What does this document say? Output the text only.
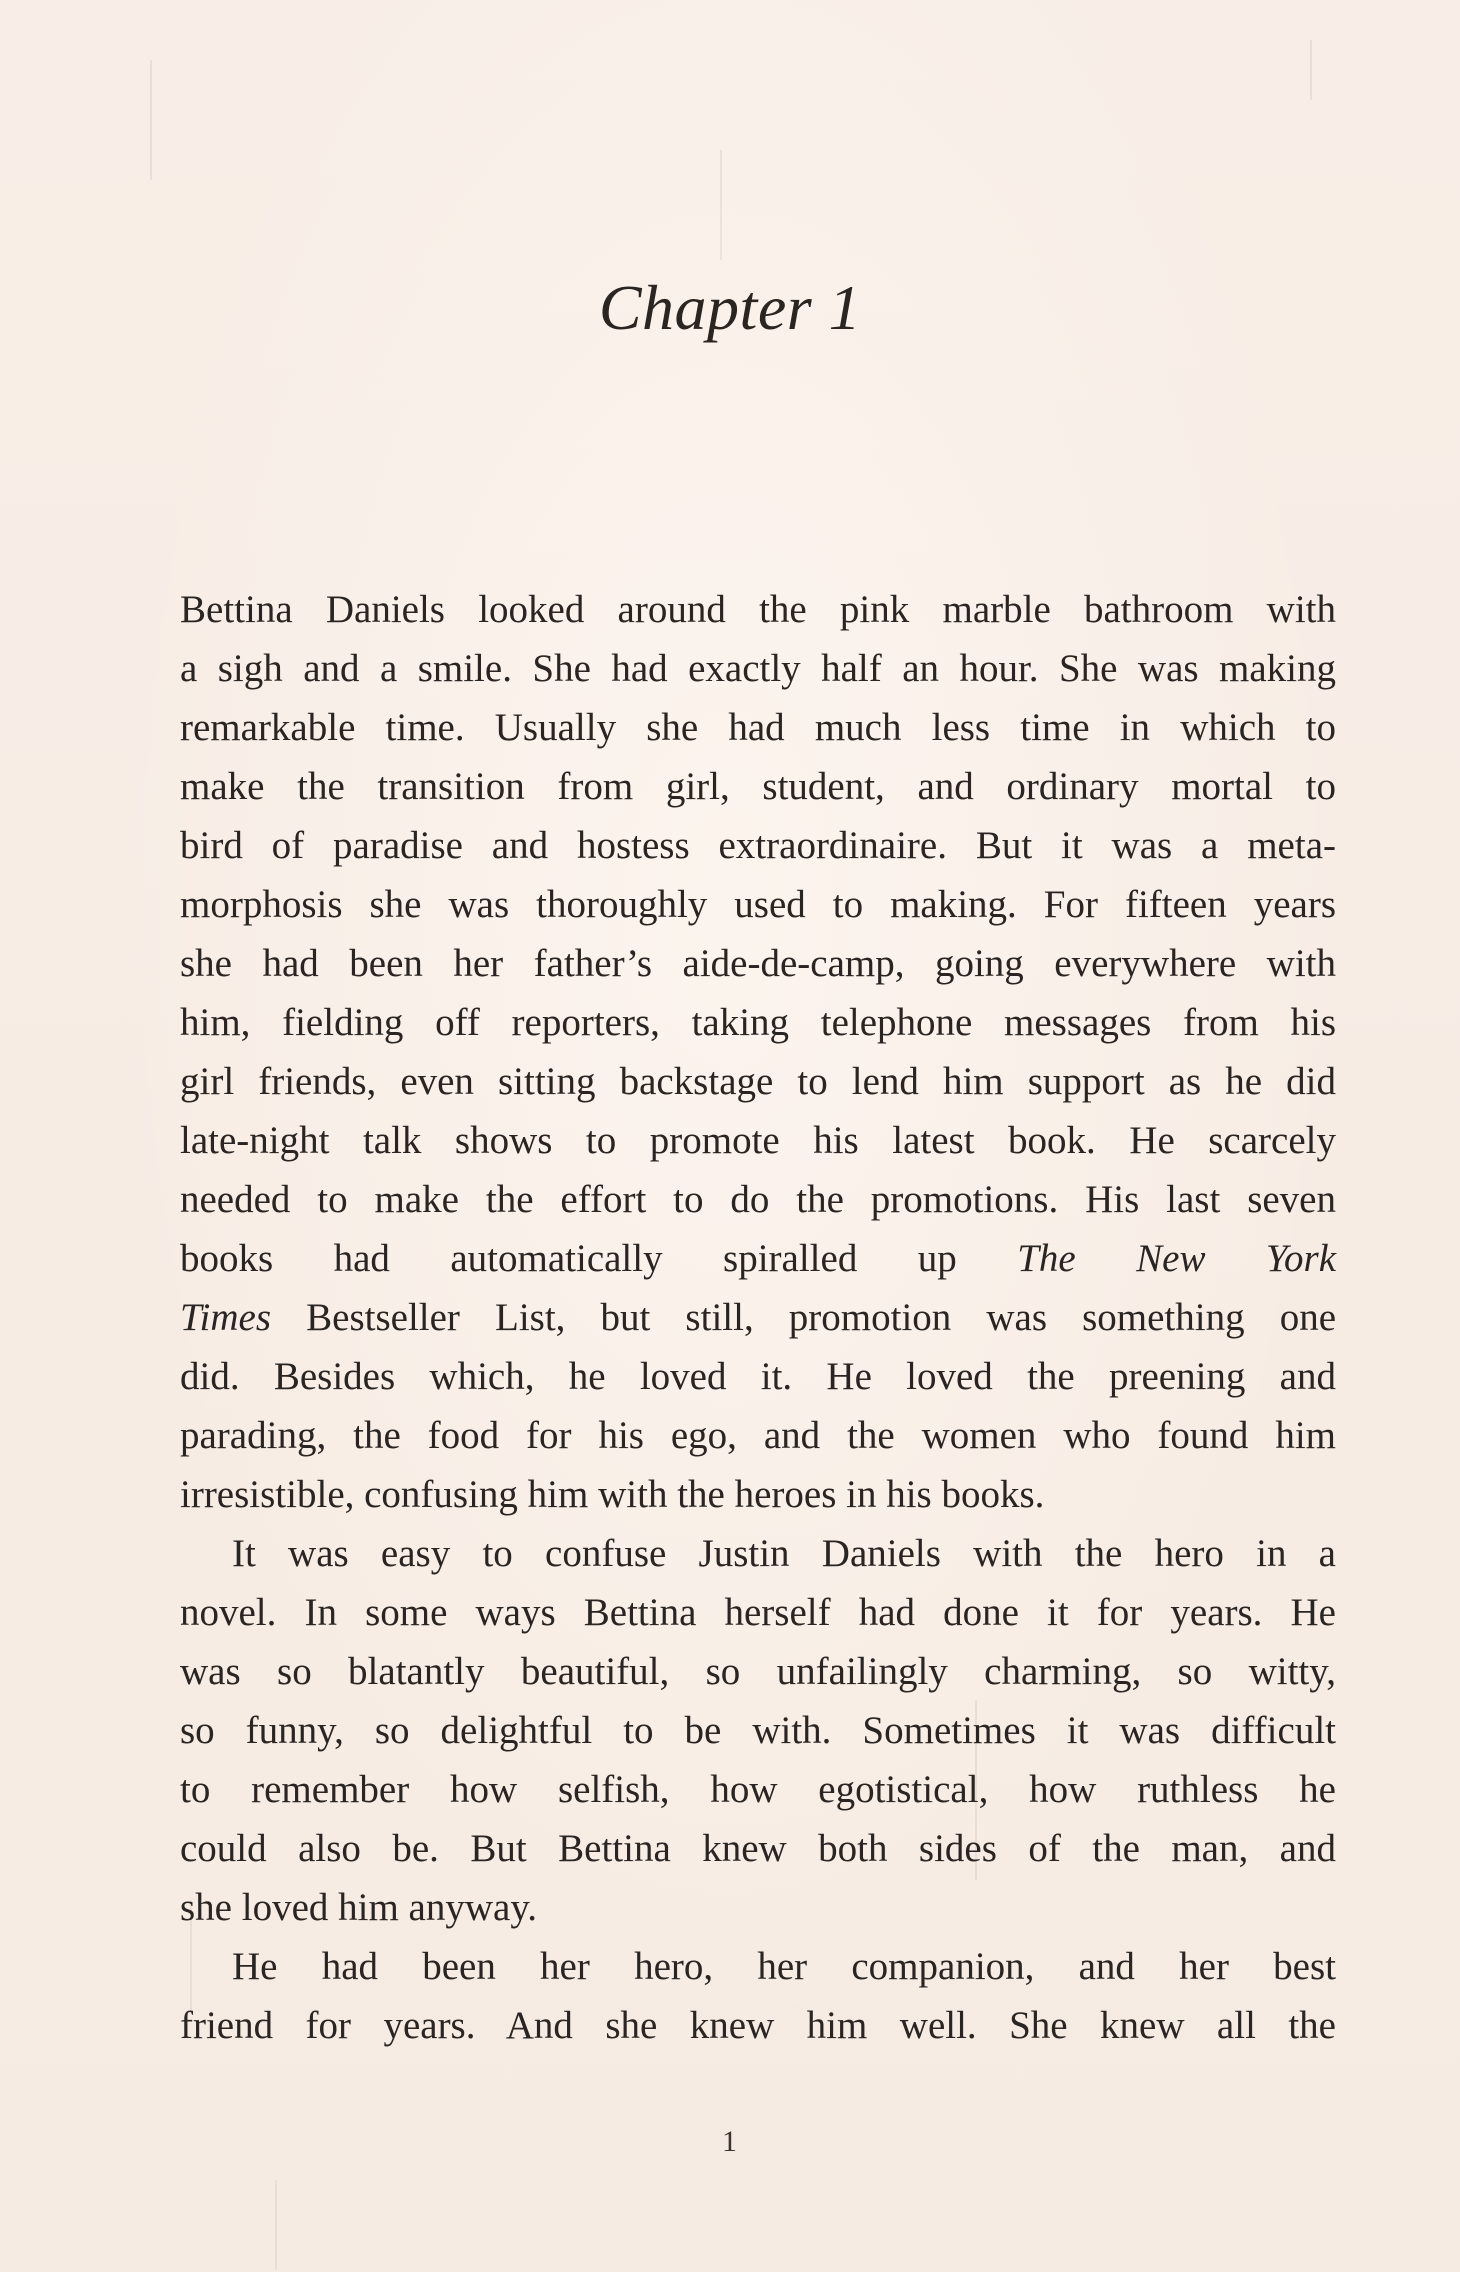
Chapter 1
Bettina Daniels looked around the pink marble bathroom with
a sigh and a smile. She had exactly half an hour. She was making
remarkable time. Usually she had much less time in which to
make the transition from girl, student, and ordinary mortal to
bird of paradise and hostess extraordinaire. But it was a meta-
morphosis she was thoroughly used to making. For fifteen years
she had been her father’s aide-de-camp, going everywhere with
him, fielding off reporters, taking telephone messages from his
girl friends, even sitting backstage to lend him support as he did
late-night talk shows to promote his latest book. He scarcely
needed to make the effort to do the promotions. His last seven
books had automatically spiralled up The New York
Times Bestseller List, but still, promotion was something one
did. Besides which, he loved it. He loved the preening and
parading, the food for his ego, and the women who found him
irresistible, confusing him with the heroes in his books.
It was easy to confuse Justin Daniels with the hero in a
novel. In some ways Bettina herself had done it for years. He
was so blatantly beautiful, so unfailingly charming, so witty,
so funny, so delightful to be with. Sometimes it was difficult
to remember how selfish, how egotistical, how ruthless he
could also be. But Bettina knew both sides of the man, and
she loved him anyway.
He had been her hero, her companion, and her best
friend for years. And she knew him well. She knew all the
1
